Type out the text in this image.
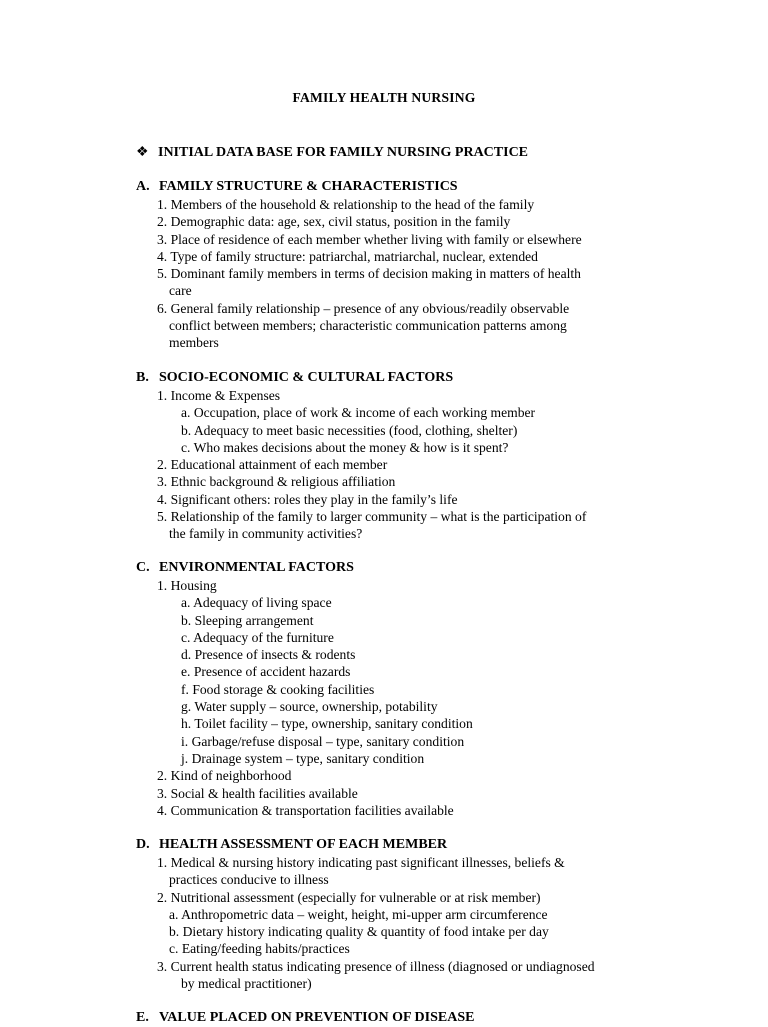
FAMILY HEALTH NURSING
❖ INITIAL DATA BASE FOR FAMILY NURSING PRACTICE
A. FAMILY STRUCTURE & CHARACTERISTICS
1. Members of the household & relationship to the head of the family
2. Demographic data: age, sex, civil status, position in the family
3. Place of residence of each member whether living with family or elsewhere
4. Type of family structure: patriarchal, matriarchal, nuclear, extended
5. Dominant family members in terms of decision making in matters of health
care
6. General family relationship – presence of any obvious/readily observable
conflict between members; characteristic communication patterns among
members
B. SOCIO-ECONOMIC & CULTURAL FACTORS
1. Income & Expenses
a. Occupation, place of work & income of each working member
b. Adequacy to meet basic necessities (food, clothing, shelter)
c. Who makes decisions about the money & how is it spent?
2. Educational attainment of each member
3. Ethnic background & religious affiliation
4. Significant others: roles they play in the family’s life
5. Relationship of the family to larger community – what is the participation of
the family in community activities?
C. ENVIRONMENTAL FACTORS
1. Housing
a. Adequacy of living space
b. Sleeping arrangement
c. Adequacy of the furniture
d. Presence of insects & rodents
e. Presence of accident hazards
f. Food storage & cooking facilities
g. Water supply – source, ownership, potability
h. Toilet facility – type, ownership, sanitary condition
i. Garbage/refuse disposal – type, sanitary condition
j. Drainage system – type, sanitary condition
2. Kind of neighborhood
3. Social & health facilities available
4. Communication & transportation facilities available
D. HEALTH ASSESSMENT OF EACH MEMBER
1. Medical & nursing history indicating past significant illnesses, beliefs &
practices conducive to illness
2. Nutritional assessment (especially for vulnerable or at risk member)
a. Anthropometric data – weight, height, mi-upper arm circumference
b. Dietary history indicating quality & quantity of food intake per day
c. Eating/feeding habits/practices
3. Current health status indicating presence of illness (diagnosed or undiagnosed
by medical practitioner)
E. VALUE PLACED ON PREVENTION OF DISEASE
